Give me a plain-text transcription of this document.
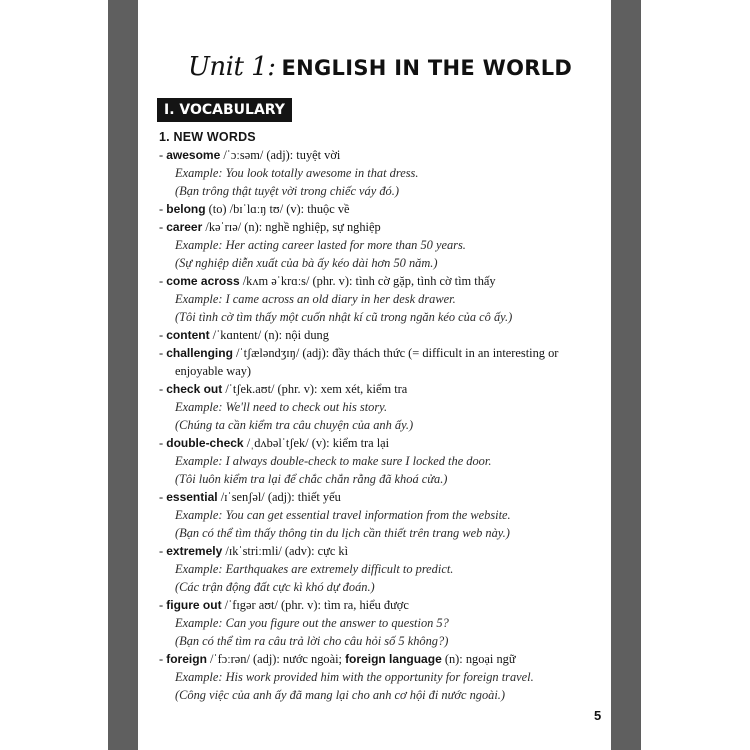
Unit 1: ENGLISH IN THE WORLD
I. VOCABULARY
1. NEW WORDS
- awesome /ˈɔːsəm/ (adj): tuyệt vời
Example: You look totally awesome in that dress.
(Bạn trông thật tuyệt vời trong chiếc váy đó.)
- belong (to) /bɪˈlɑːŋ tʊ/ (v): thuộc về
- career /kəˈrɪə/ (n): nghề nghiệp, sự nghiệp
Example: Her acting career lasted for more than 50 years.
(Sự nghiệp diễn xuất của bà ấy kéo dài hơn 50 năm.)
- come across /kʌm əˈkrɑːs/ (phr. v): tình cờ gặp, tình cờ tìm thấy
Example: I came across an old diary in her desk drawer.
(Tôi tình cờ tìm thấy một cuốn nhật kí cũ trong ngăn kéo của cô ấy.)
- content /ˈkɑntent/ (n): nội dung
- challenging /ˈtʃæləndʒɪŋ/ (adj): đầy thách thức (= difficult in an interesting or
enjoyable way)
- check out /ˈtʃek.aʊt/ (phr. v): xem xét, kiểm tra
Example: We'll need to check out his story.
(Chúng ta cần kiểm tra câu chuyện của anh ấy.)
- double-check /ˌdʌbəlˈtʃek/ (v): kiểm tra lại
Example: I always double-check to make sure I locked the door.
(Tôi luôn kiểm tra lại để chắc chắn rằng đã khoá cửa.)
- essential /ɪˈsenʃəl/ (adj): thiết yếu
Example: You can get essential travel information from the website.
(Bạn có thể tìm thấy thông tin du lịch cần thiết trên trang web này.)
- extremely /ɪkˈstriːmli/ (adv): cực kì
Example: Earthquakes are extremely difficult to predict.
(Các trận động đất cực kì khó dự đoán.)
- figure out /ˈfɪgər aʊt/ (phr. v): tìm ra, hiểu được
Example: Can you figure out the answer to question 5?
(Bạn có thể tìm ra câu trả lời cho câu hỏi số 5 không?)
- foreign /ˈfɔːrən/ (adj): nước ngoài; foreign language (n): ngoại ngữ
Example: His work provided him with the opportunity for foreign travel.
(Công việc của anh ấy đã mang lại cho anh cơ hội đi nước ngoài.)
5
